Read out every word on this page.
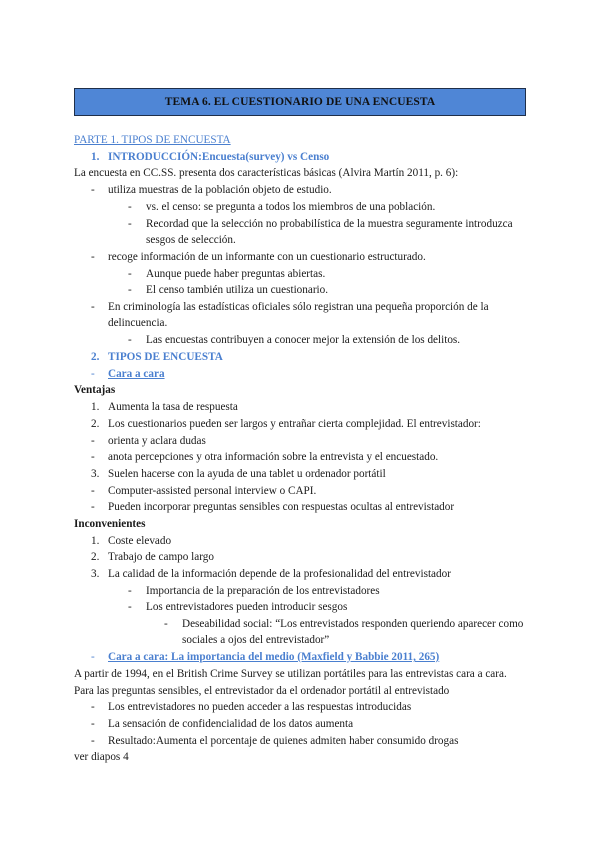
TEMA 6. EL CUESTIONARIO DE UNA ENCUESTA
PARTE 1. TIPOS DE ENCUESTA
1. INTRODUCCIÓN:Encuesta(survey) vs Censo
La encuesta en CC.SS. presenta dos características básicas (Alvira Martín 2011, p. 6):
- utiliza muestras de la población objeto de estudio.
- vs. el censo: se pregunta a todos los miembros de una población.
- Recordad que la selección no probabilística de la muestra seguramente introduzca
sesgos de selección.
- recoge información de un informante con un cuestionario estructurado.
- Aunque puede haber preguntas abiertas.
- El censo también utiliza un cuestionario.
- En criminología las estadísticas oficiales sólo registran una pequeña proporción de la
delincuencia.
- Las encuestas contribuyen a conocer mejor la extensión de los delitos.
2. TIPOS DE ENCUESTA
- Cara a cara
Ventajas
1. Aumenta la tasa de respuesta
2. Los cuestionarios pueden ser largos y entrañar cierta complejidad. El entrevistador:
- orienta y aclara dudas
- anota percepciones y otra información sobre la entrevista y el encuestado.
3. Suelen hacerse con la ayuda de una tablet u ordenador portátil
- Computer-assisted personal interview o CAPI.
- Pueden incorporar preguntas sensibles con respuestas ocultas al entrevistador
Inconvenientes
1. Coste elevado
2. Trabajo de campo largo
3. La calidad de la información depende de la profesionalidad del entrevistador
- Importancia de la preparación de los entrevistadores
- Los entrevistadores pueden introducir sesgos
- Deseabilidad social: “Los entrevistados responden queriendo aparecer como
sociales a ojos del entrevistador”
- Cara a cara: La importancia del medio (Maxfield y Babbie 2011, 265)
A partir de 1994, en el British Crime Survey se utilizan portátiles para las entrevistas cara a cara.
Para las preguntas sensibles, el entrevistador da el ordenador portátil al entrevistado
- Los entrevistadores no pueden acceder a las respuestas introducidas
- La sensación de confidencialidad de los datos aumenta
- Resultado:Aumenta el porcentaje de quienes admiten haber consumido drogas
ver diapos 4
